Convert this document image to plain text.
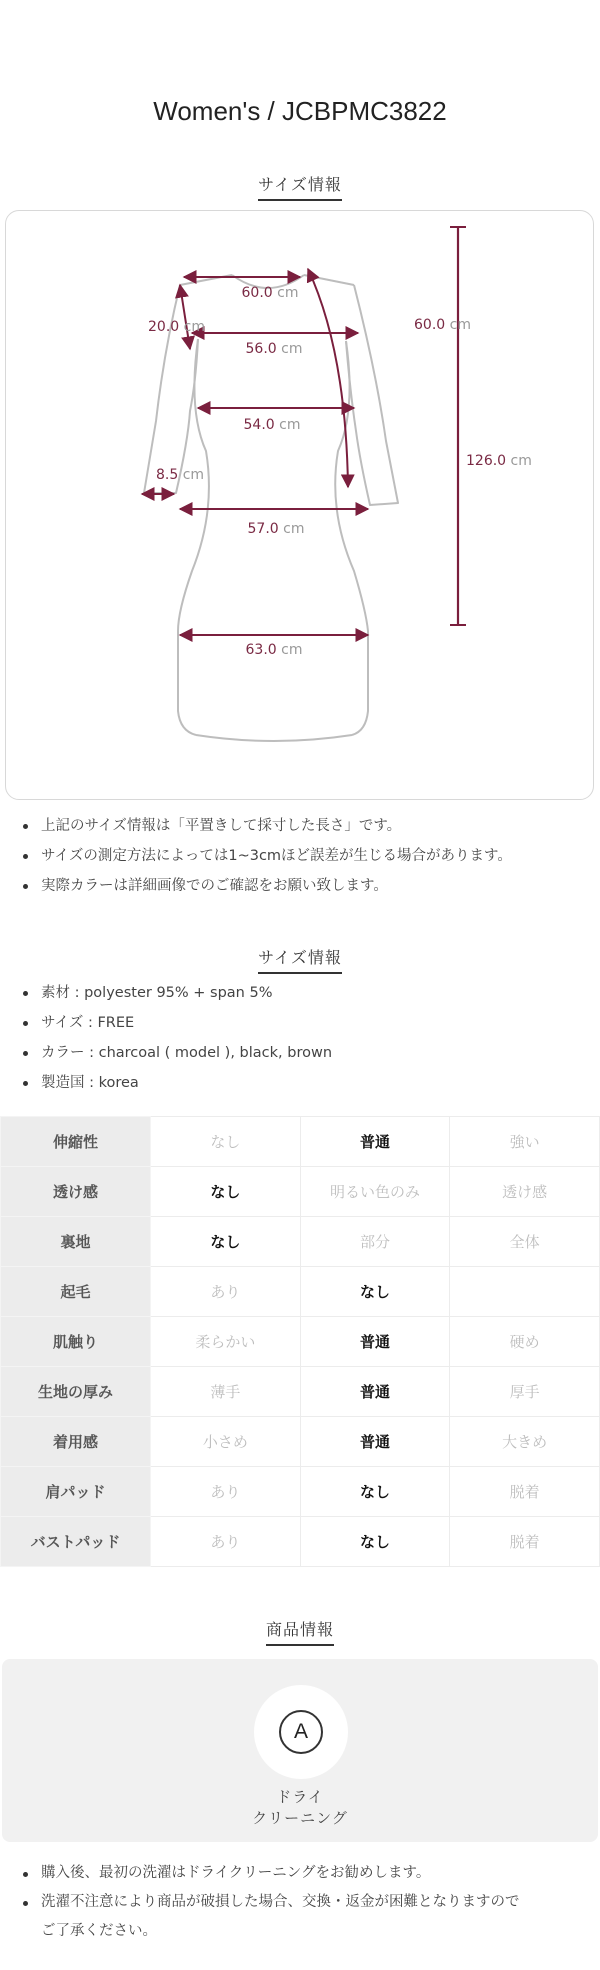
Women's / JCBPMC3822
サイズ情報
60.0 cm
20.0 cm
56.0 cm
60.0 cm
54.0 cm
126.0 cm
8.5 cm
57.0 cm
63.0 cm
上記のサイズ情報は「平置きして採寸した長さ」です。
サイズの測定方法によっては1~3cmほど誤差が生じる場合があります。
実際カラーは詳細画像でのご確認をお願い致します。
サイズ情報
素材 : polyester 95% + span 5%
サイズ : FREE
カラー : charcoal ( model ), black, brown
製造国 : korea
伸縮性	なし	普通	強い
透け感	なし	明るい色のみ	透け感
裏地	なし	部分	全体
起毛	あり	なし	
肌触り	柔らかい	普通	硬め
生地の厚み	薄手	普通	厚手
着用感	小さめ	普通	大きめ
肩パッド	あり	なし	脱着
バストパッド	あり	なし	脱着
商品情報
A
ドライ
クリーニング
購入後、最初の洗濯はドライクリーニングをお勧めします。
洗濯不注意により商品が破損した場合、交換・返金が困難となりますので
ご了承ください。
